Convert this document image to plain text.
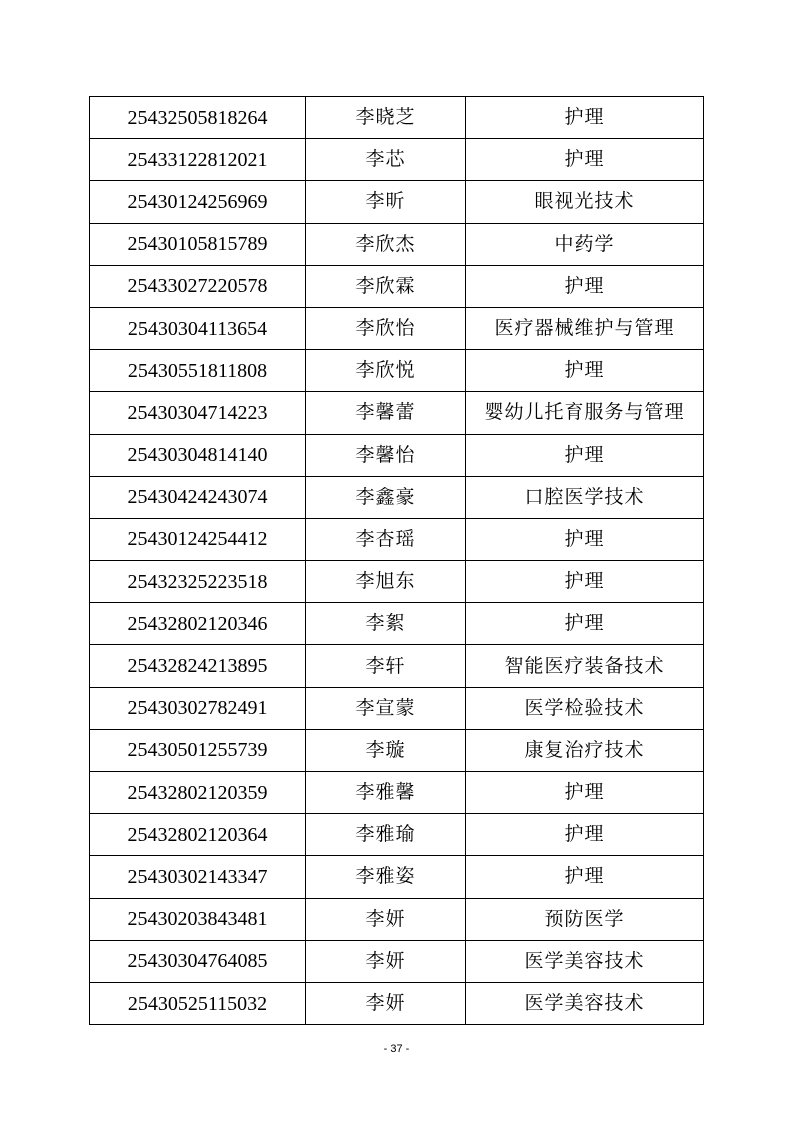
25432505818264	李晓芝	护理
25433122812021	李芯	护理
25430124256969	李昕	眼视光技术
25430105815789	李欣杰	中药学
25433027220578	李欣霖	护理
25430304113654	李欣怡	医疗器械维护与管理
25430551811808	李欣悦	护理
25430304714223	李馨蕾	婴幼儿托育服务与管理
25430304814140	李馨怡	护理
25430424243074	李鑫豪	口腔医学技术
25430124254412	李杏瑶	护理
25432325223518	李旭东	护理
25432802120346	李絮	护理
25432824213895	李轩	智能医疗装备技术
25430302782491	李宣蒙	医学检验技术
25430501255739	李璇	康复治疗技术
25432802120359	李雅馨	护理
25432802120364	李雅瑜	护理
25430302143347	李雅姿	护理
25430203843481	李妍	预防医学
25430304764085	李妍	医学美容技术
25430525115032	李妍	医学美容技术
- 37 -
